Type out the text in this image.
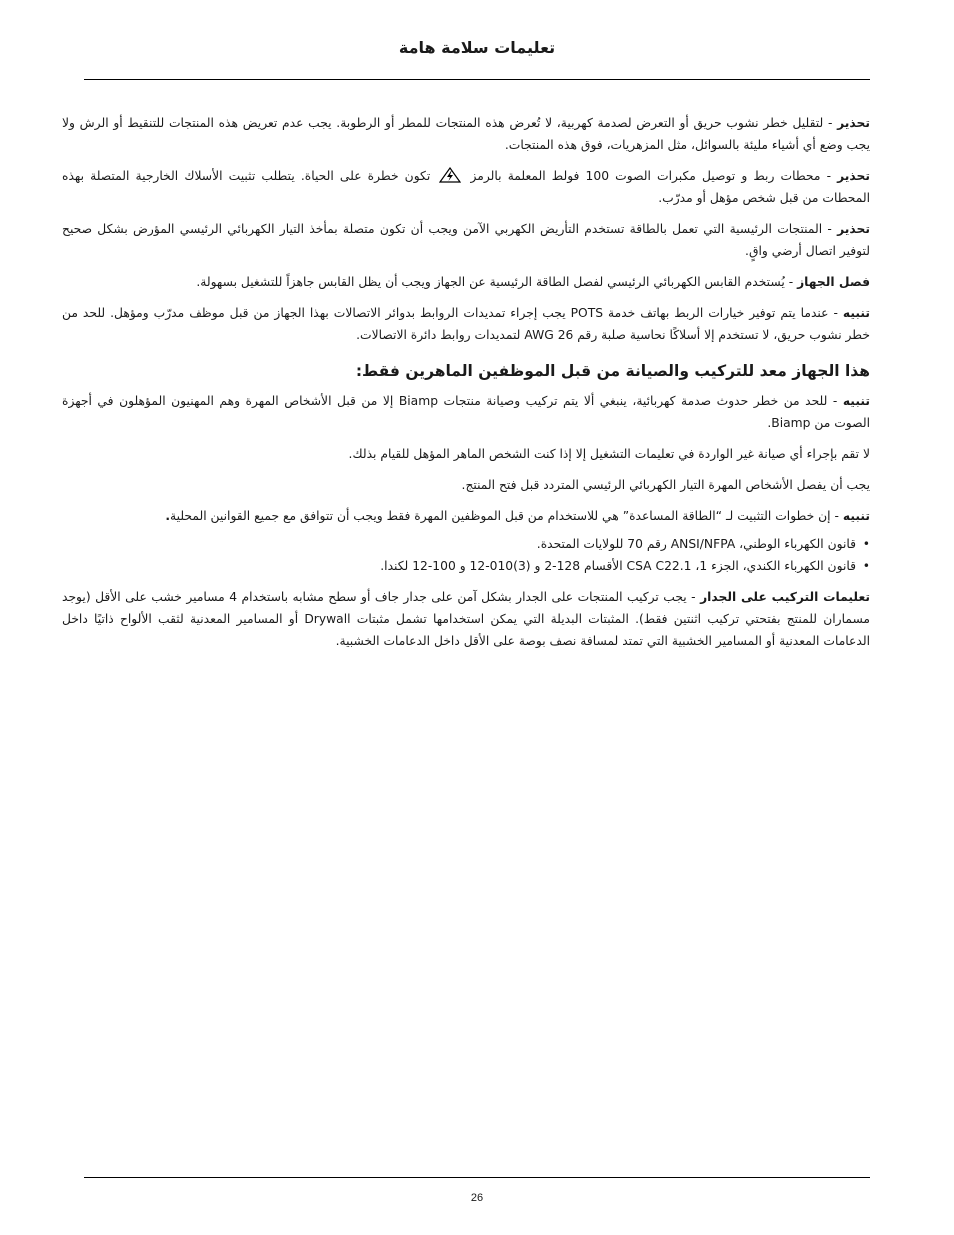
تعليمات سلامة هامة

تحذير - لتقليل خطر نشوب حريق أو التعرض لصدمة كهربية، لا تُعرض هذه المنتجات للمطر أو الرطوبة. يجب عدم تعريض هذه المنتجات للتنقيط أو الرش ولا يجب وضع أي أشياء مليئة بالسوائل، مثل المزهريات، فوق هذه المنتجات.

تحذير - محطات ربط و توصيل مكبرات الصوت 100 فولط المعلمة بالرمز  تكون خطرة على الحياة. يتطلب تثبيت الأسلاك الخارجية المتصلة بهذه المحطات من قبل شخص مؤهل أو مدرّب.

تحذير - المنتجات الرئيسية التي تعمل بالطاقة تستخدم التأريض الكهربي الآمن ويجب أن تكون متصلة بمأخذ التيار الكهربائي الرئيسي المؤرض بشكل صحيح لتوفير اتصال أرضي واقٍ.

فصل الجهاز - يُستخدم القابس الكهربائي الرئيسي لفصل الطاقة الرئيسية عن الجهاز ويجب أن يظل القابس جاهزاً للتشغيل بسهولة.

تنبيه - عندما يتم توفير خيارات الربط بهاتف خدمة POTS يجب إجراء تمديدات الروابط بدوائر الاتصالات بهذا الجهاز من قبل موظف مدرّب ومؤهل. للحد من خطر نشوب حريق، لا تستخدم إلا أسلاكًا نحاسية صلبة رقم 26 AWG لتمديدات روابط دائرة الاتصالات.

هذا الجهاز معد للتركيب والصيانة من قبل الموظفين الماهرين فقط:

تنبيه - للحد من خطر حدوث صدمة كهربائية، ينبغي ألا يتم تركيب وصيانة منتجات Biamp إلا من قبل الأشخاص المهرة وهم المهنيون المؤهلون في أجهزة الصوت من Biamp.

لا تقم بإجراء أي صيانة غير الواردة في تعليمات التشغيل إلا إذا كنت الشخص الماهر المؤهل للقيام بذلك.

يجب أن يفصل الأشخاص المهرة التيار الكهربائي الرئيسي المتردد قبل فتح المنتج.

تنبيه - إن خطوات التثبيت لـ “الطاقة المساعدة” هي للاستخدام من قبل الموظفين المهرة فقط ويجب أن تتوافق مع جميع القوانين المحلية.

•
قانون الكهرباء الوطني، ANSI/NFPA رقم 70 للولايات المتحدة.
•
قانون الكهرباء الكندي، الجزء 1، CSA C22.1 الأقسام 128-2 و (3)010-12 و 100-12 لكندا.

تعليمات التركيب على الجدار - يجب تركيب المنتجات على الجدار بشكل آمن على جدار جاف أو سطح مشابه باستخدام 4 مسامير خشب على الأقل (يوجد مسماران للمنتج بفتحتي تركيب اثنتين فقط). المثبتات البديلة التي يمكن استخدامها تشمل مثبتات Drywall أو المسامير المعدنية لثقب الألواح ذاتيًا داخل الدعامات المعدنية أو المسامير الخشبية التي تمتد لمسافة نصف بوصة على الأقل داخل الدعامات الخشبية.

26
